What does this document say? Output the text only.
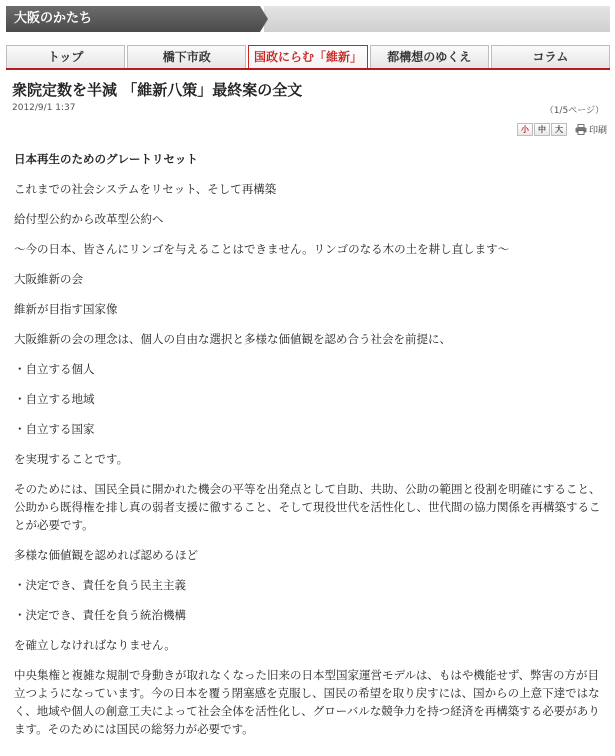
大阪のかたち
トップ	橋下市政	国政にらむ「維新」	都構想のゆくえ	コラム
衆院定数を半減 「維新八策」最終案の全文
2012/9/1 1:37	（1/5ページ）
小	中	大	印刷

日本再生のためのグレートリセット

これまでの社会システムをリセット、そして再構築

給付型公約から改革型公約へ

～今の日本、皆さんにリンゴを与えることはできません。リンゴのなる木の土を耕し直します～

大阪維新の会

維新が目指す国家像

大阪維新の会の理念は、個人の自由な選択と多様な価値観を認め合う社会を前提に、

・自立する個人

・自立する地域

・自立する国家

を実現することです。

そのためには、国民全員に開かれた機会の平等を出発点として自助、共助、公助の範囲と役割を明確にすること、公助から既得権を排し真の弱者支援に徹すること、そして現役世代を活性化し、世代間の協力関係を再構築することが必要です。

多様な価値観を認めれば認めるほど

・決定でき、責任を負う民主主義

・決定でき、責任を負う統治機構

を確立しなければなりません。

中央集権と複雑な規制で身動きが取れなくなった旧来の日本型国家運営モデルは、もはや機能せず、弊害の方が目立つようになっています。今の日本を覆う閉塞感を克服し、国民の希望を取り戻すには、国からの上意下達ではなく、地域や個人の創意工夫によって社会全体を活性化し、グローバルな競争力を持つ経済を再構築する必要があります。そのためには国民の総努力が必要です。
